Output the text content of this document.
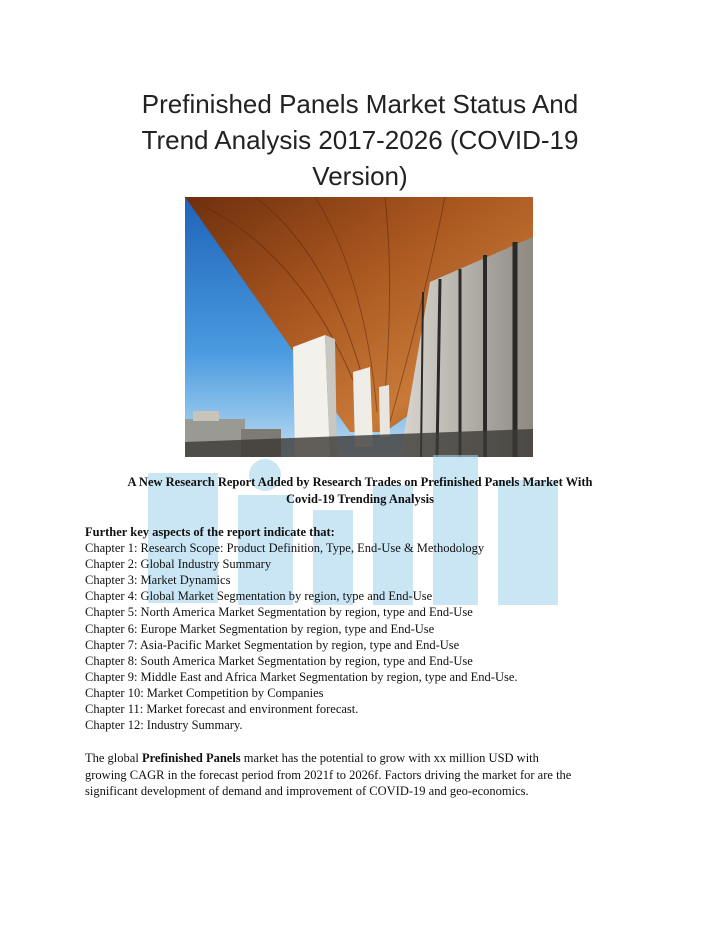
Prefinished Panels Market Status And
Trend Analysis 2017-2026 (COVID-19
Version)
A New Research Report Added by Research Trades on Prefinished Panels Market With
Covid-19 Trending Analysis
Further key aspects of the report indicate that:
Chapter 1: Research Scope: Product Definition, Type, End-Use & Methodology
Chapter 2: Global Industry Summary
Chapter 3: Market Dynamics
Chapter 4: Global Market Segmentation by region, type and End-Use
Chapter 5: North America Market Segmentation by region, type and End-Use
Chapter 6: Europe Market Segmentation by region, type and End-Use
Chapter 7: Asia-Pacific Market Segmentation by region, type and End-Use
Chapter 8: South America Market Segmentation by region, type and End-Use
Chapter 9: Middle East and Africa Market Segmentation by region, type and End-Use.
Chapter 10: Market Competition by Companies
Chapter 11: Market forecast and environment forecast.
Chapter 12: Industry Summary.
The global Prefinished Panels market has the potential to grow with xx million USD with
growing CAGR in the forecast period from 2021f to 2026f. Factors driving the market for are the
significant development of demand and improvement of COVID-19 and geo-economics.
